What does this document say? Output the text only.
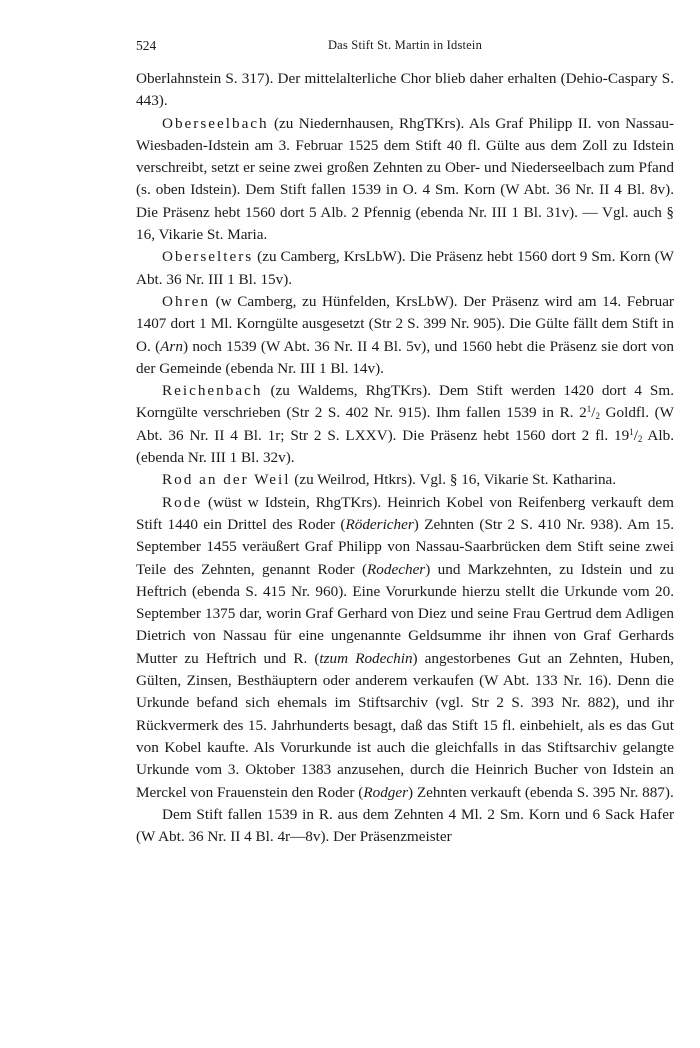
524	Das Stift St. Martin in Idstein

Oberlahnstein S. 317). Der mittelalterliche Chor blieb daher erhalten (Dehio-Caspary S. 443).

Oberseelbach (zu Niedernhausen, RhgTKrs). Als Graf Philipp II. von Nassau-Wiesbaden-Idstein am 3. Februar 1525 dem Stift 40 fl. Gülte aus dem Zoll zu Idstein verschreibt, setzt er seine zwei großen Zehnten zu Ober- und Niederseelbach zum Pfand (s. oben Idstein). Dem Stift fallen 1539 in O. 4 Sm. Korn (W Abt. 36 Nr. II 4 Bl. 8v). Die Präsenz hebt 1560 dort 5 Alb. 2 Pfennig (ebenda Nr. III 1 Bl. 31v). — Vgl. auch § 16, Vikarie St. Maria.

Oberselters (zu Camberg, KrsLbW). Die Präsenz hebt 1560 dort 9 Sm. Korn (W Abt. 36 Nr. III 1 Bl. 15v).

Ohren (w Camberg, zu Hünfelden, KrsLbW). Der Präsenz wird am 14. Februar 1407 dort 1 Ml. Korngülte ausgesetzt (Str 2 S. 399 Nr. 905). Die Gülte fällt dem Stift in O. (Arn) noch 1539 (W Abt. 36 Nr. II 4 Bl. 5v), und 1560 hebt die Präsenz sie dort von der Gemeinde (ebenda Nr. III 1 Bl. 14v).

Reichenbach (zu Waldems, RhgTKrs). Dem Stift werden 1420 dort 4 Sm. Korngülte verschrieben (Str 2 S. 402 Nr. 915). Ihm fallen 1539 in R. $2^1/_2$ Goldfl. (W Abt. 36 Nr. II 4 Bl. 1r; Str 2 S. LXXV). Die Präsenz hebt 1560 dort 2 fl. $19^1/_2$ Alb. (ebenda Nr. III 1 Bl. 32v).

Rod an der Weil (zu Weilrod, Htkrs). Vgl. § 16, Vikarie St. Katharina.

Rode (wüst w Idstein, RhgTKrs). Heinrich Kobel von Reifenberg verkauft dem Stift 1440 ein Drittel des Roder (Rödericher) Zehnten (Str 2 S. 410 Nr. 938). Am 15. September 1455 veräußert Graf Philipp von Nassau-Saarbrücken dem Stift seine zwei Teile des Zehnten, genannt Roder (Rodecher) und Markzehnten, zu Idstein und zu Heftrich (ebenda S. 415 Nr. 960). Eine Vorurkunde hierzu stellt die Urkunde vom 20. September 1375 dar, worin Graf Gerhard von Diez und seine Frau Gertrud dem Adligen Dietrich von Nassau für eine ungenannte Geldsumme ihr ihnen von Graf Gerhards Mutter zu Heftrich und R. (tzum Rodechin) angestorbenes Gut an Zehnten, Huben, Gülten, Zinsen, Besthäuptern oder anderem verkaufen (W Abt. 133 Nr. 16). Denn die Urkunde befand sich ehemals im Stiftsarchiv (vgl. Str 2 S. 393 Nr. 882), und ihr Rückvermerk des 15. Jahrhunderts besagt, daß das Stift 15 fl. einbehielt, als es das Gut von Kobel kaufte. Als Vorurkunde ist auch die gleichfalls in das Stiftsarchiv gelangte Urkunde vom 3. Oktober 1383 anzusehen, durch die Heinrich Bucher von Idstein an Merckel von Frauenstein den Roder (Rodger) Zehnten verkauft (ebenda S. 395 Nr. 887).

Dem Stift fallen 1539 in R. aus dem Zehnten 4 Ml. 2 Sm. Korn und 6 Sack Hafer (W Abt. 36 Nr. II 4 Bl. 4r—8v). Der Präsenzmeister
